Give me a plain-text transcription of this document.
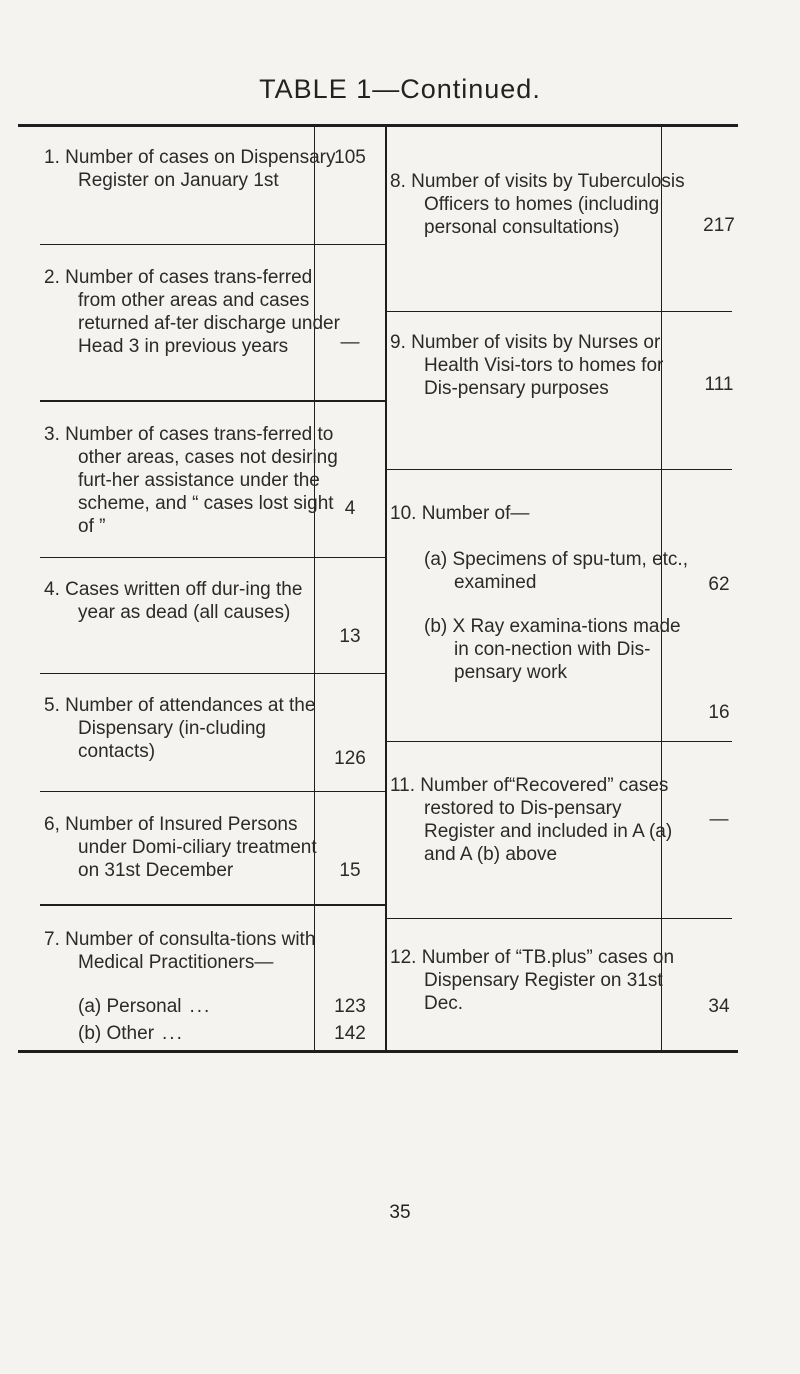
TABLE 1—Continued.
1. Number of cases on Dispensary Register on January 1st
105
2. Number of cases trans-ferred from other areas and cases returned af-ter discharge under Head 3 in previous years	—
3. Number of cases trans-ferred to other areas, cases not desiring furt-her assistance under the scheme, and “ cases lost sight of ”
4
4. Cases written off dur-ing the year as dead (all causes)
13
5. Number of attendances at the Dispensary (in-cluding contacts)	126
6, Number of Insured Persons under Domi-ciliary treatment on 31st December	15
7. Number of consulta-tions with Medical Practitioners—
(a) Personal ...	123
(b) Other ...	142
8. Number of visits by Tuberculosis Officers to homes (including personal consultations)	217
9. Number of visits by Nurses or Health Visi-tors to homes for Dis-pensary purposes	111
10. Number of—
(a) Specimens of spu-tum, etc., examined	62
(b) X Ray examina-tions made in con-nection with Dis-pensary work
16
11. Number of“Recovered” cases restored to Dis-pensary Register and included in A (a) and A (b) above
—
12. Number of “TB.plus” cases on Dispensary Register on 31st Dec.	34
35
